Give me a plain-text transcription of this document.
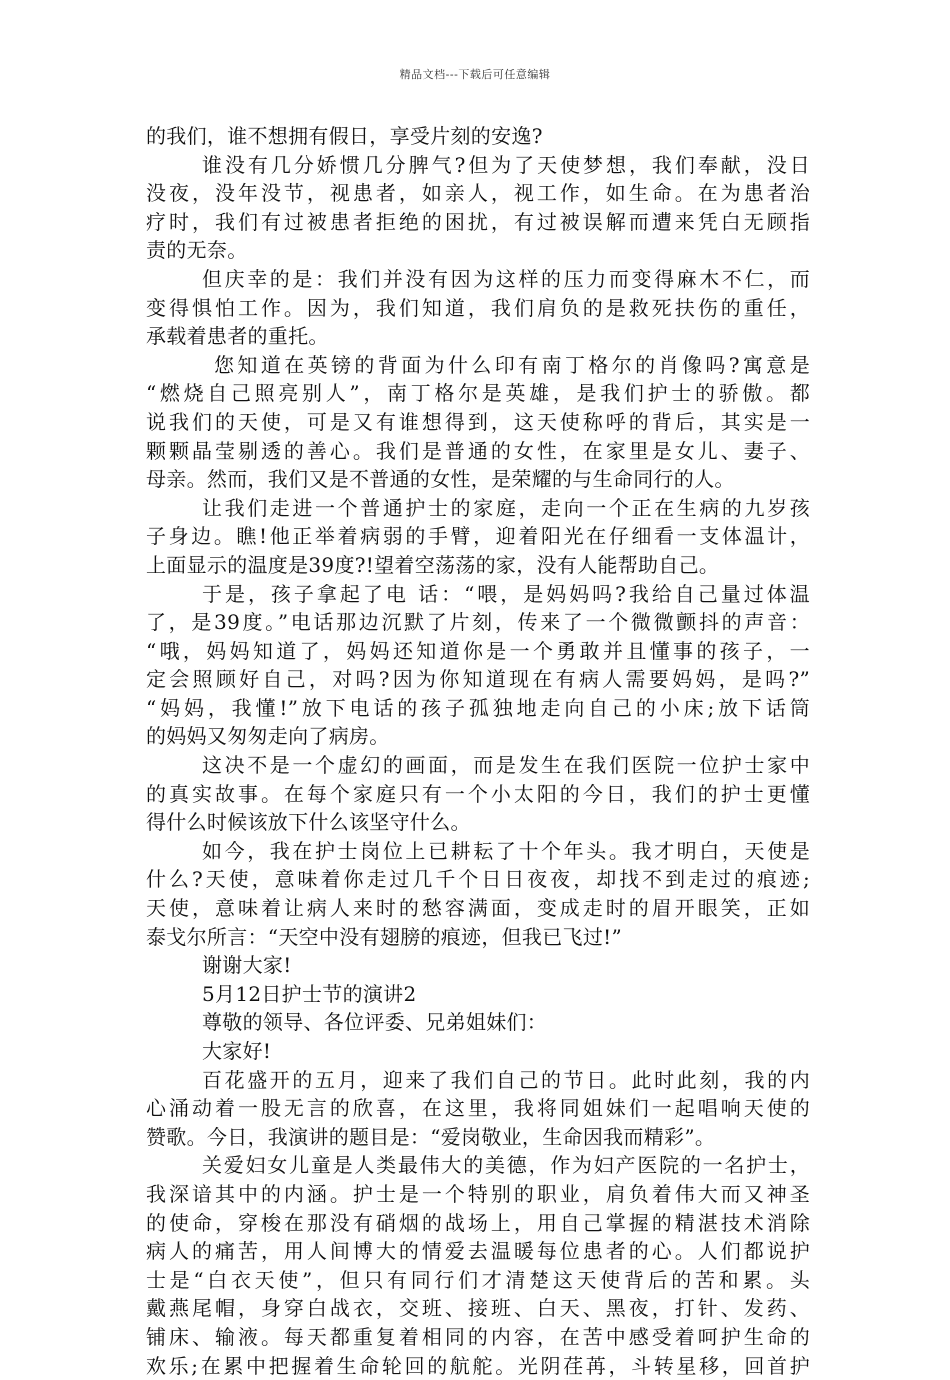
精品文档---下载后可任意编辑
的我们，谁不想拥有假日，享受片刻的安逸?
谁没有几分娇惯几分脾气?但为了天使梦想，我们奉献，没日
没夜，没年没节，视患者，如亲人，视工作，如生命。在为患者治
疗时，我们有过被患者拒绝的困扰，有过被误解而遭来凭白无顾指
责的无奈。
但庆幸的是：我们并没有因为这样的压力而变得麻木不仁，而
变得惧怕工作。因为，我们知道，我们肩负的是救死扶伤的重任，
承载着患者的重托。
您知道在英镑的背面为什么印有南丁格尔的肖像吗?寓意是
“燃烧自己照亮别人”，南丁格尔是英雄，是我们护士的骄傲。都
说我们的天使，可是又有谁想得到，这天使称呼的背后，其实是一
颗颗晶莹剔透的善心。我们是普通的女性，在家里是女儿、妻子、
母亲。然而，我们又是不普通的女性，是荣耀的与生命同行的人。
让我们走进一个普通护士的家庭，走向一个正在生病的九岁孩
子身边。瞧!他正举着病弱的手臂，迎着阳光在仔细看一支体温计，
上面显示的温度是39度?!望着空荡荡的家，没有人能帮助自己。
于是，孩子拿起了电 话：“喂，是妈妈吗?我给自己量过体温
了，是39度。”电话那边沉默了片刻，传来了一个微微颤抖的声音：
“哦，妈妈知道了，妈妈还知道你是一个勇敢并且懂事的孩子，一
定会照顾好自己，对吗?因为你知道现在有病人需要妈妈，是吗?”
“妈妈，我懂!”放下电话的孩子孤独地走向自己的小床;放下话筒
的妈妈又匆匆走向了病房。
这决不是一个虚幻的画面，而是发生在我们医院一位护士家中
的真实故事。在每个家庭只有一个小太阳的今日，我们的护士更懂
得什么时候该放下什么该坚守什么。
如今，我在护士岗位上已耕耘了十个年头。我才明白，天使是
什么?天使，意味着你走过几千个日日夜夜，却找不到走过的痕迹;
天使，意味着让病人来时的愁容满面，变成走时的眉开眼笑，正如
泰戈尔所言：“天空中没有翅膀的痕迹，但我已飞过!”
谢谢大家!
5月12日护士节的演讲2
尊敬的领导、各位评委、兄弟姐妹们：
大家好!
百花盛开的五月，迎来了我们自己的节日。此时此刻，我的内
心涌动着一股无言的欣喜，在这里，我将同姐妹们一起唱响天使的
赞歌。今日，我演讲的题目是：“爱岗敬业，生命因我而精彩”。
关爱妇女儿童是人类最伟大的美德，作为妇产医院的一名护士，
我深谙其中的内涵。护士是一个特别的职业，肩负着伟大而又神圣
的使命，穿梭在那没有硝烟的战场上，用自己掌握的精湛技术消除
病人的痛苦，用人间博大的情爱去温暖每位患者的心。人们都说护
士是“白衣天使”，但只有同行们才清楚这天使背后的苦和累。头
戴燕尾帽，身穿白战衣，交班、接班、白天、黑夜，打针、发药、
铺床、输液。每天都重复着相同的内容，在苦中感受着呵护生命的
欢乐;在累中把握着生命轮回的航舵。光阴荏苒，斗转星移，回首护
